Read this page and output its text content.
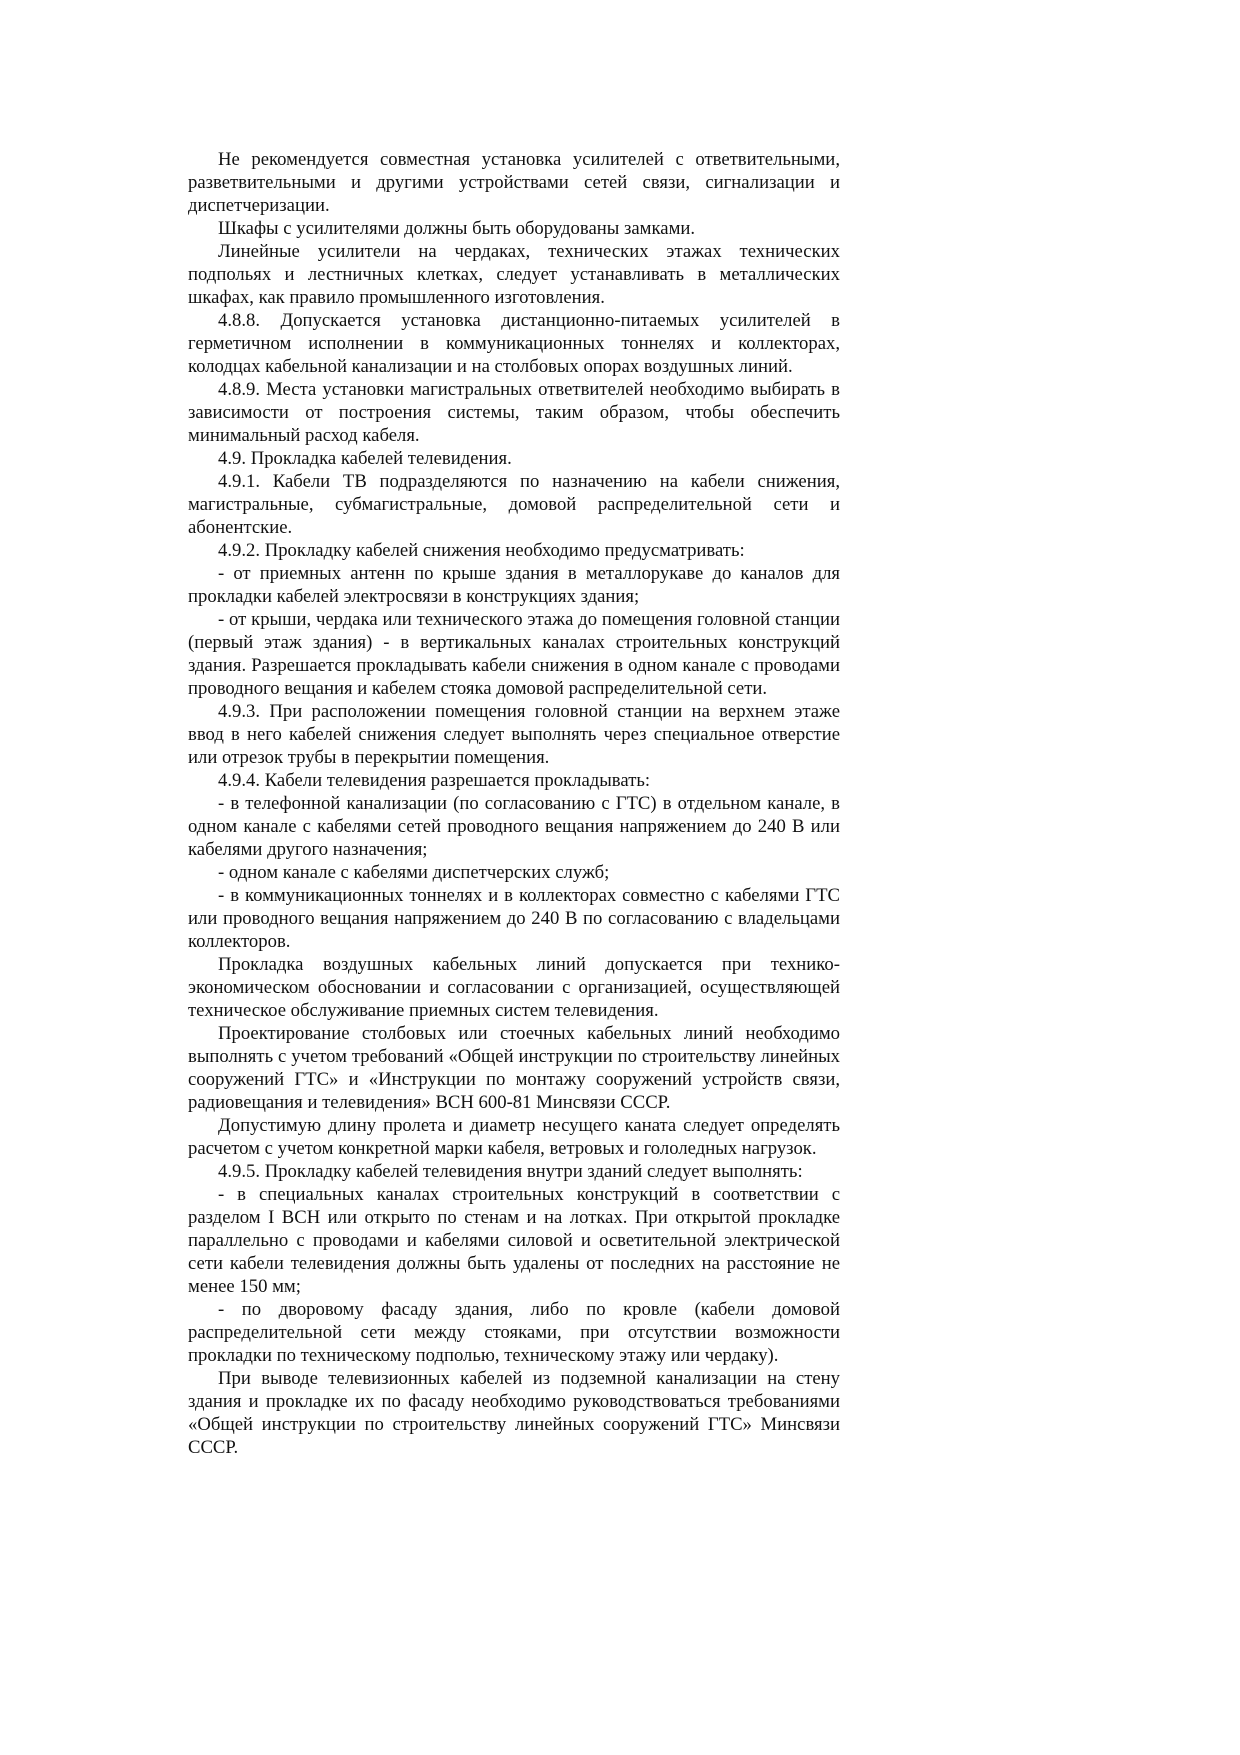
Не рекомендуется совместная установка усилителей с ответвительными, разветвительными и другими устройствами сетей связи, сигнализации и диспетчеризации.

Шкафы с усилителями должны быть оборудованы замками.

Линейные усилители на чердаках, технических этажах технических подпольях и лестничных клетках, следует устанавливать в металлических шкафах, как правило промышленного изготовления.

4.8.8. Допускается установка дистанционно-питаемых усилителей в герметичном исполнении в коммуникационных тоннелях и коллекторах, колодцах кабельной канализации и на столбовых опорах воздушных линий.

4.8.9. Места установки магистральных ответвителей необходимо выбирать в зависимости от построения системы, таким образом, чтобы обеспечить минимальный расход кабеля.

4.9. Прокладка кабелей телевидения.

4.9.1. Кабели ТВ подразделяются по назначению на кабели снижения, магистральные, субмагистральные, домовой распределительной сети и абонентские.

4.9.2. Прокладку кабелей снижения необходимо предусматривать:

- от приемных антенн по крыше здания в металлорукаве до каналов для прокладки кабелей электросвязи в конструкциях здания;

- от крыши, чердака или технического этажа до помещения головной станции (первый этаж здания) - в вертикальных каналах строительных конструкций здания. Разрешается прокладывать кабели снижения в одном канале с проводами проводного вещания и кабелем стояка домовой распределительной сети.

4.9.3. При расположении помещения головной станции на верхнем этаже ввод в него кабелей снижения следует выполнять через специальное отверстие или отрезок трубы в перекрытии помещения.

4.9.4. Кабели телевидения разрешается прокладывать:

- в телефонной канализации (по согласованию с ГТС) в отдельном канале, в одном канале с кабелями сетей проводного вещания напряжением до 240 В или кабелями другого назначения;

- одном канале с кабелями диспетчерских служб;

- в коммуникационных тоннелях и в коллекторах совместно с кабелями ГТС или проводного вещания напряжением до 240 В по согласованию с владельцами коллекторов.

Прокладка воздушных кабельных линий допускается при технико-экономическом обосновании и согласовании с организацией, осуществляющей техническое обслуживание приемных систем телевидения.

Проектирование столбовых или стоечных кабельных линий необходимо выполнять с учетом требований «Общей инструкции по строительству линейных сооружений ГТС» и «Инструкции по монтажу сооружений устройств связи, радиовещания и телевидения» ВСН 600-81 Минсвязи СССР.

Допустимую длину пролета и диаметр несущего каната следует определять расчетом с учетом конкретной марки кабеля, ветровых и гололедных нагрузок.

4.9.5. Прокладку кабелей телевидения внутри зданий следует выполнять:

- в специальных каналах строительных конструкций в соответствии с разделом I ВСН или открыто по стенам и на лотках. При открытой прокладке параллельно с проводами и кабелями силовой и осветительной электрической сети кабели телевидения должны быть удалены от последних на расстояние не менее 150 мм;

- по дворовому фасаду здания, либо по кровле (кабели домовой распределительной сети между стояками, при отсутствии возможности прокладки по техническому подполью, техническому этажу или чердаку).

При выводе телевизионных кабелей из подземной канализации на стену здания и прокладке их по фасаду необходимо руководствоваться требованиями «Общей инструкции по строительству линейных сооружений ГТС» Минсвязи СССР.
